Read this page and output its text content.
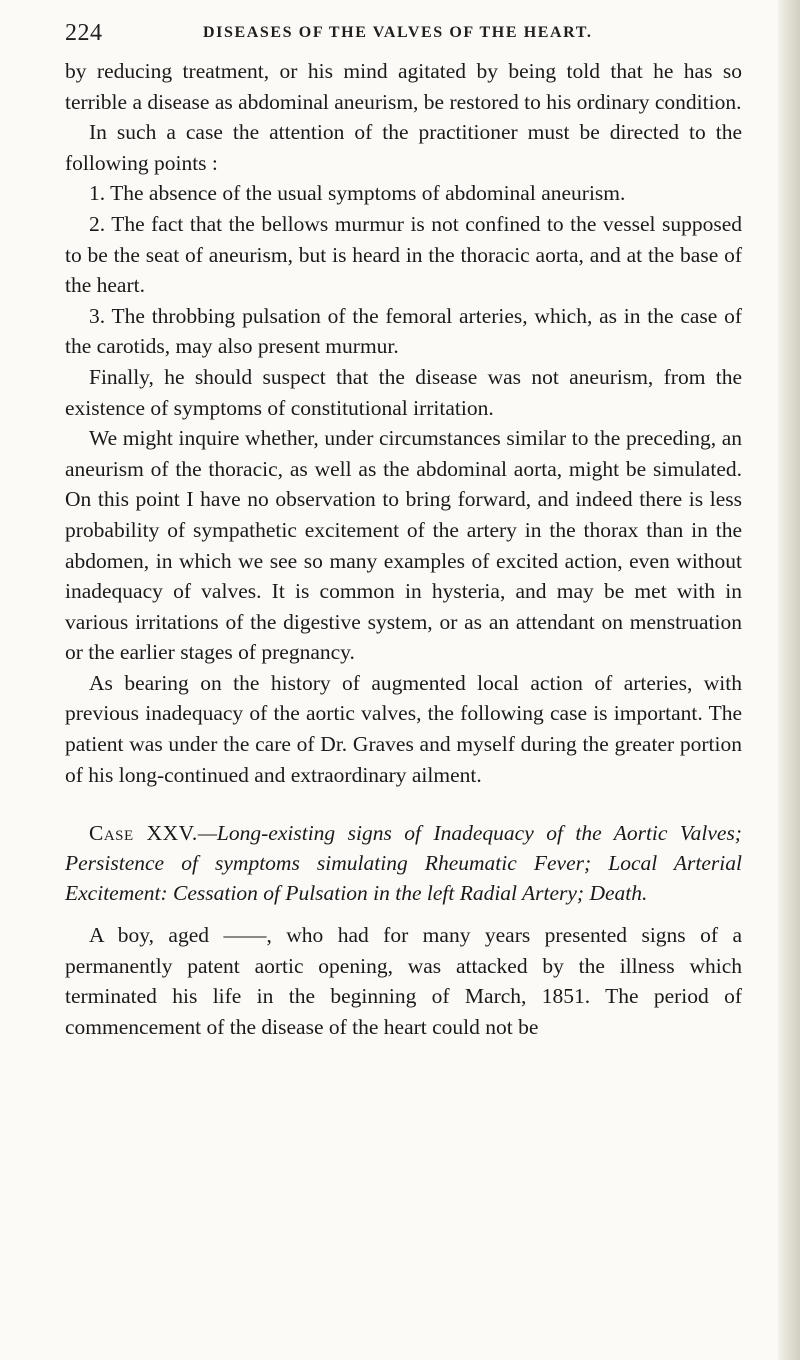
224	DISEASES OF THE VALVES OF THE HEART.

by reducing treatment, or his mind agitated by being told that he has so terrible a disease as abdominal aneurism, be restored to his ordinary condition.

In such a case the attention of the practitioner must be directed to the following points :

1. The absence of the usual symptoms of abdominal aneurism.

2. The fact that the bellows murmur is not confined to the vessel supposed to be the seat of aneurism, but is heard in the thoracic aorta, and at the base of the heart.

3. The throbbing pulsation of the femoral arteries, which, as in the case of the carotids, may also present murmur.

Finally, he should suspect that the disease was not aneurism, from the existence of symptoms of constitutional irritation.

We might inquire whether, under circumstances similar to the preceding, an aneurism of the thoracic, as well as the abdominal aorta, might be simulated. On this point I have no observation to bring forward, and indeed there is less probability of sympathetic excitement of the artery in the thorax than in the abdomen, in which we see so many examples of excited action, even without inadequacy of valves. It is common in hysteria, and may be met with in various irritations of the digestive system, or as an attendant on menstruation or the earlier stages of pregnancy.

As bearing on the history of augmented local action of arteries, with previous inadequacy of the aortic valves, the following case is important. The patient was under the care of Dr. Graves and myself during the greater portion of his long-continued and extraordinary ailment.

Case XXV.—Long-existing signs of Inadequacy of the Aortic Valves; Persistence of symptoms simulating Rheumatic Fever; Local Arterial Excitement: Cessation of Pulsation in the left Radial Artery; Death.

A boy, aged ——, who had for many years presented signs of a permanently patent aortic opening, was attacked by the illness which terminated his life in the beginning of March, 1851. The period of commencement of the disease of the heart could not be
